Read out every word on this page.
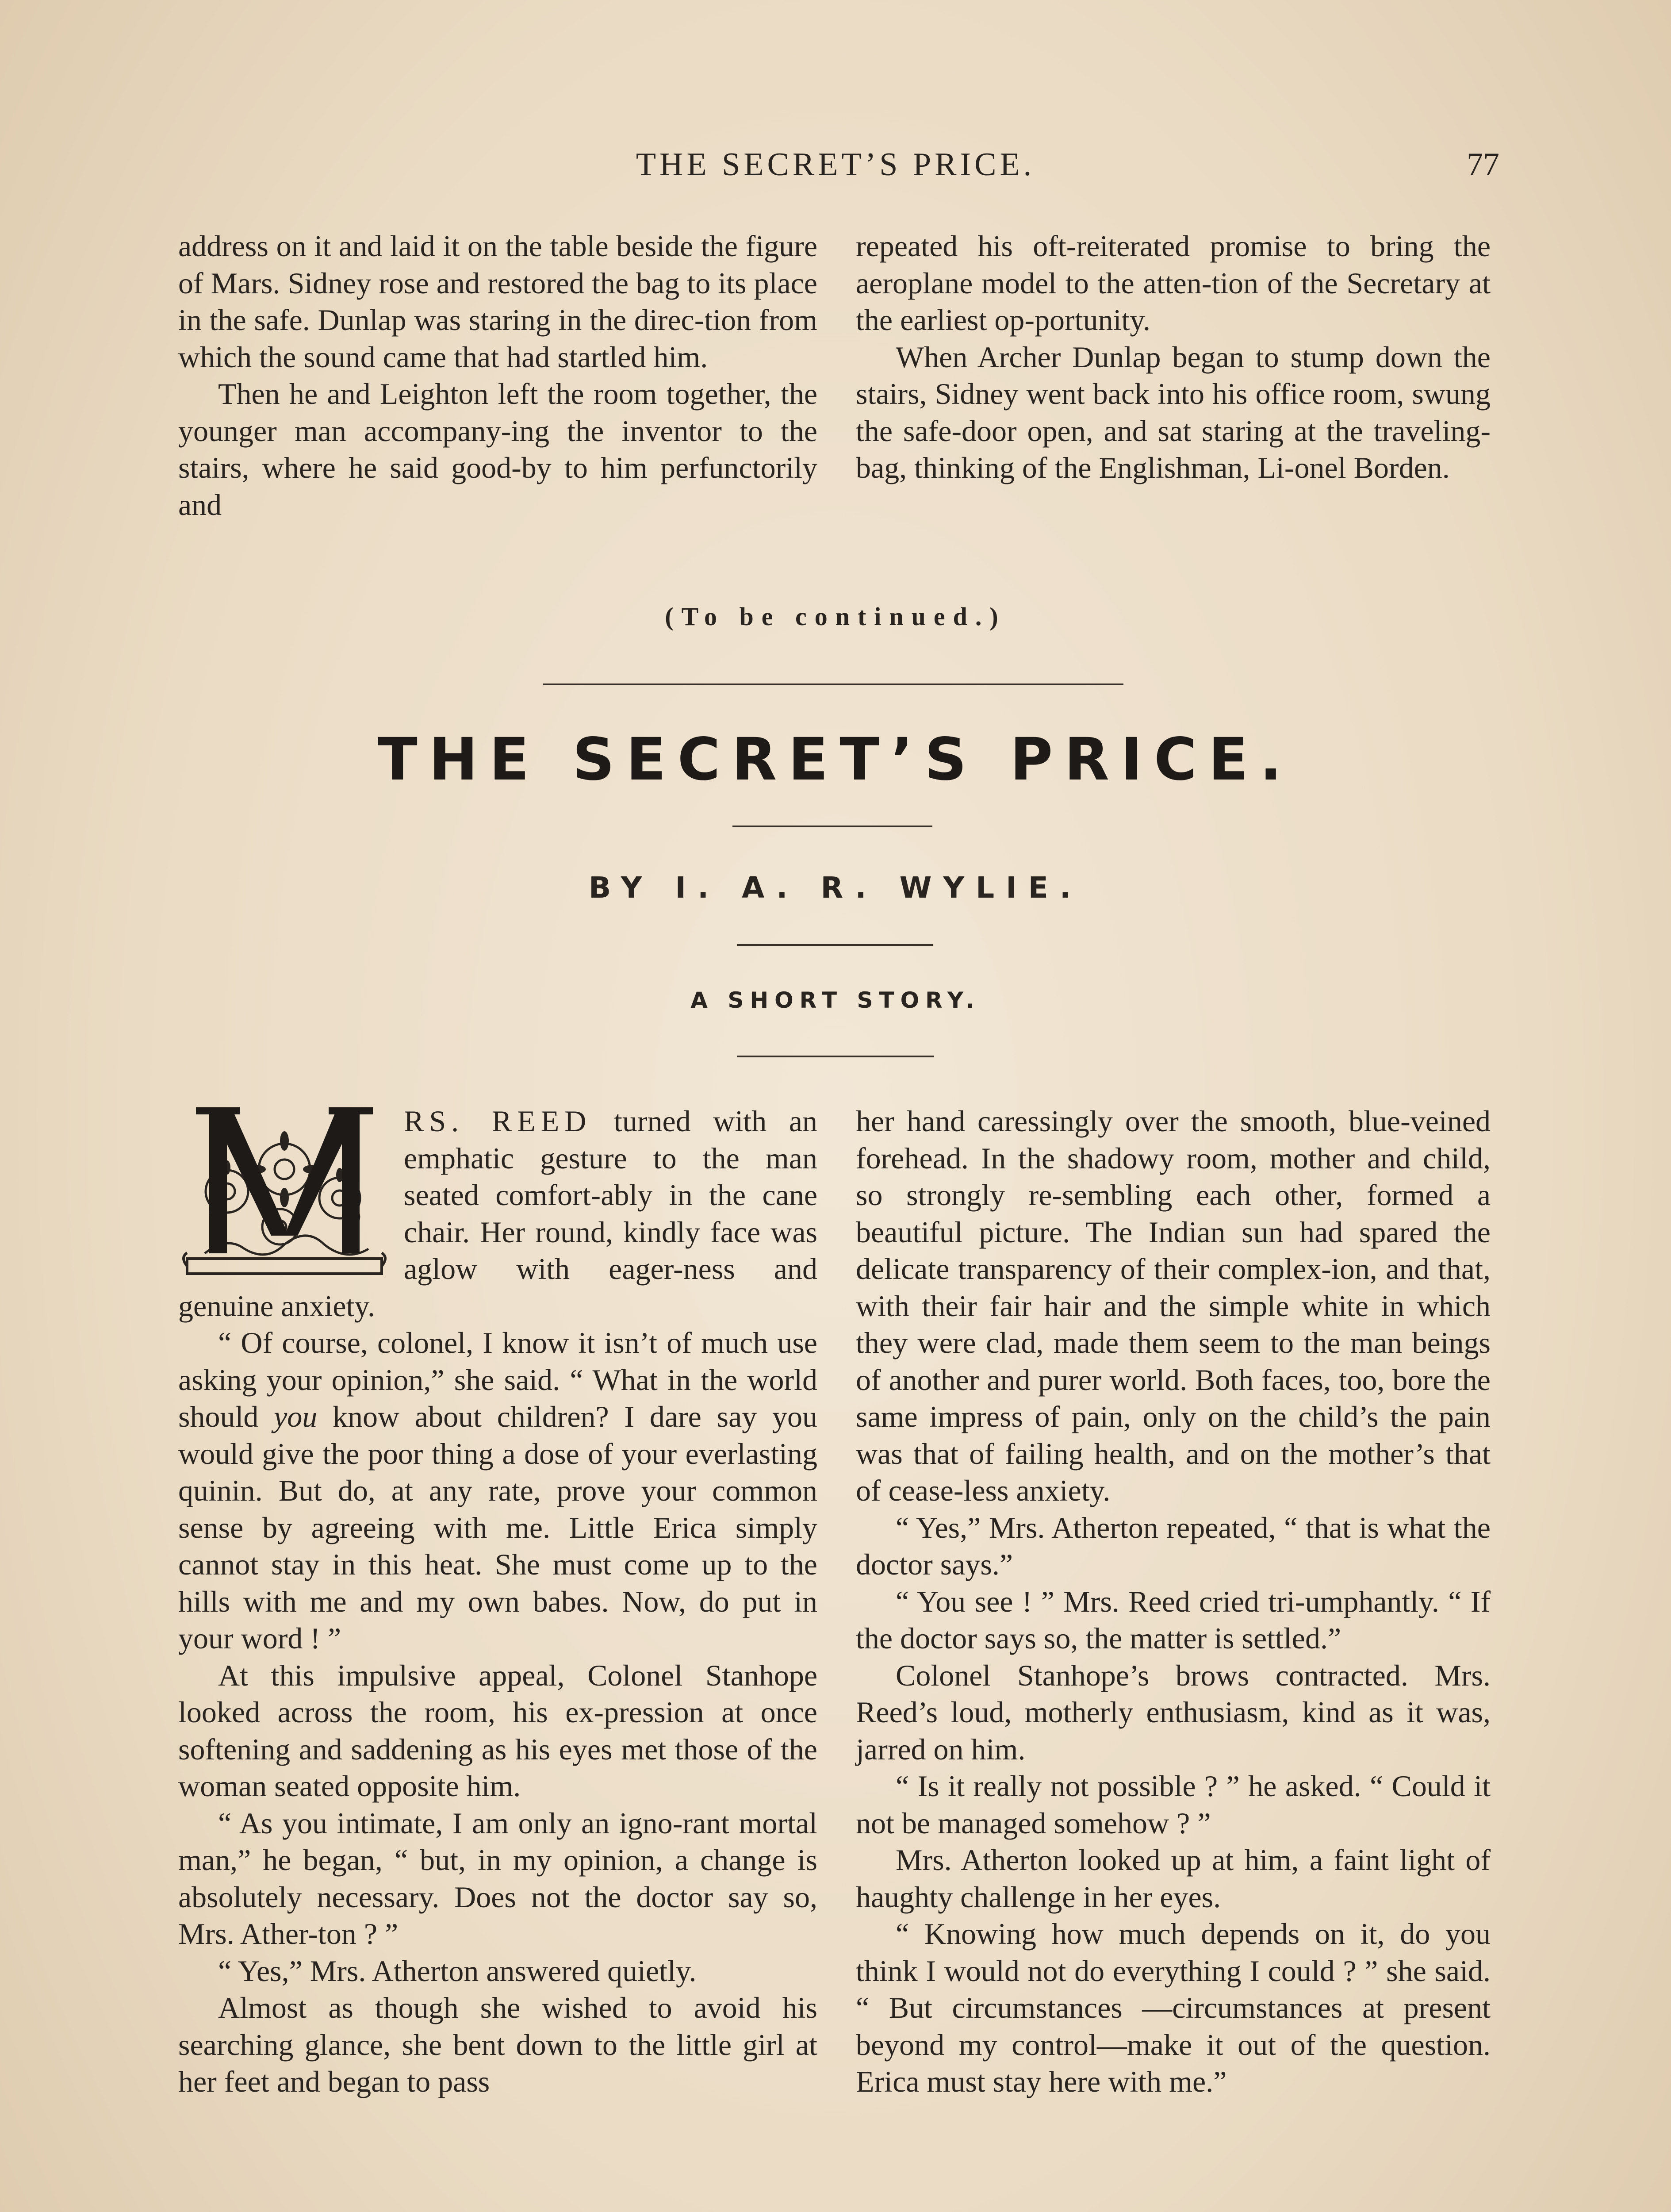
THE SECRET’S PRICE.	77

address on it and laid it on the table beside the figure of Mars. Sidney rose and restored the bag to its place in the safe. Dunlap was staring in the direc-tion from which the sound came that had startled him.

Then he and Leighton left the room together, the younger man accompany-ing the inventor to the stairs, where he said good-by to him perfunctorily and

repeated his oft-reiterated promise to bring the aeroplane model to the atten-tion of the Secretary at the earliest op-portunity.

When Archer Dunlap began to stump down the stairs, Sidney went back into his office room, swung the safe-door open, and sat staring at the traveling-bag, thinking of the Englishman, Li-onel Borden.

(To be continued.)
THE SECRET’S PRICE.
BY I. A. R. WYLIE.
A SHORT STORY.

RS. REED turned with an emphatic gesture to the man seated comfort-ably in the cane chair. Her round, kindly face was aglow with eager-ness and genuine anxiety.

“ Of course, colonel, I know it isn’t of much use asking your opinion,” she said. “ What in the world should you know about children? I dare say you would give the poor thing a dose of your everlasting quinin. But do, at any rate, prove your common sense by agreeing with me. Little Erica simply cannot stay in this heat. She must come up to the hills with me and my own babes. Now, do put in your word ! ”

At this impulsive appeal, Colonel Stanhope looked across the room, his ex-pression at once softening and saddening as his eyes met those of the woman seated opposite him.

“ As you intimate, I am only an igno-rant mortal man,” he began, “ but, in my opinion, a change is absolutely necessary. Does not the doctor say so, Mrs. Ather-ton ? ”

“ Yes,” Mrs. Atherton answered quietly.

Almost as though she wished to avoid his searching glance, she bent down to the little girl at her feet and began to pass

her hand caressingly over the smooth, blue-veined forehead. In the shadowy room, mother and child, so strongly re-sembling each other, formed a beautiful picture. The Indian sun had spared the delicate transparency of their complex-ion, and that, with their fair hair and the simple white in which they were clad, made them seem to the man beings of another and purer world. Both faces, too, bore the same impress of pain, only on the child’s the pain was that of failing health, and on the mother’s that of cease-less anxiety.

“ Yes,” Mrs. Atherton repeated, “ that is what the doctor says.”

“ You see ! ” Mrs. Reed cried tri-umphantly. “ If the doctor says so, the matter is settled.”

Colonel Stanhope’s brows contracted. Mrs. Reed’s loud, motherly enthusiasm, kind as it was, jarred on him.

“ Is it really not possible ? ” he asked. “ Could it not be managed somehow ? ”

Mrs. Atherton looked up at him, a faint light of haughty challenge in her eyes.

“ Knowing how much depends on it, do you think I would not do everything I could ? ” she said. “ But circumstances —circumstances at present beyond my control—make it out of the question. Erica must stay here with me.”
